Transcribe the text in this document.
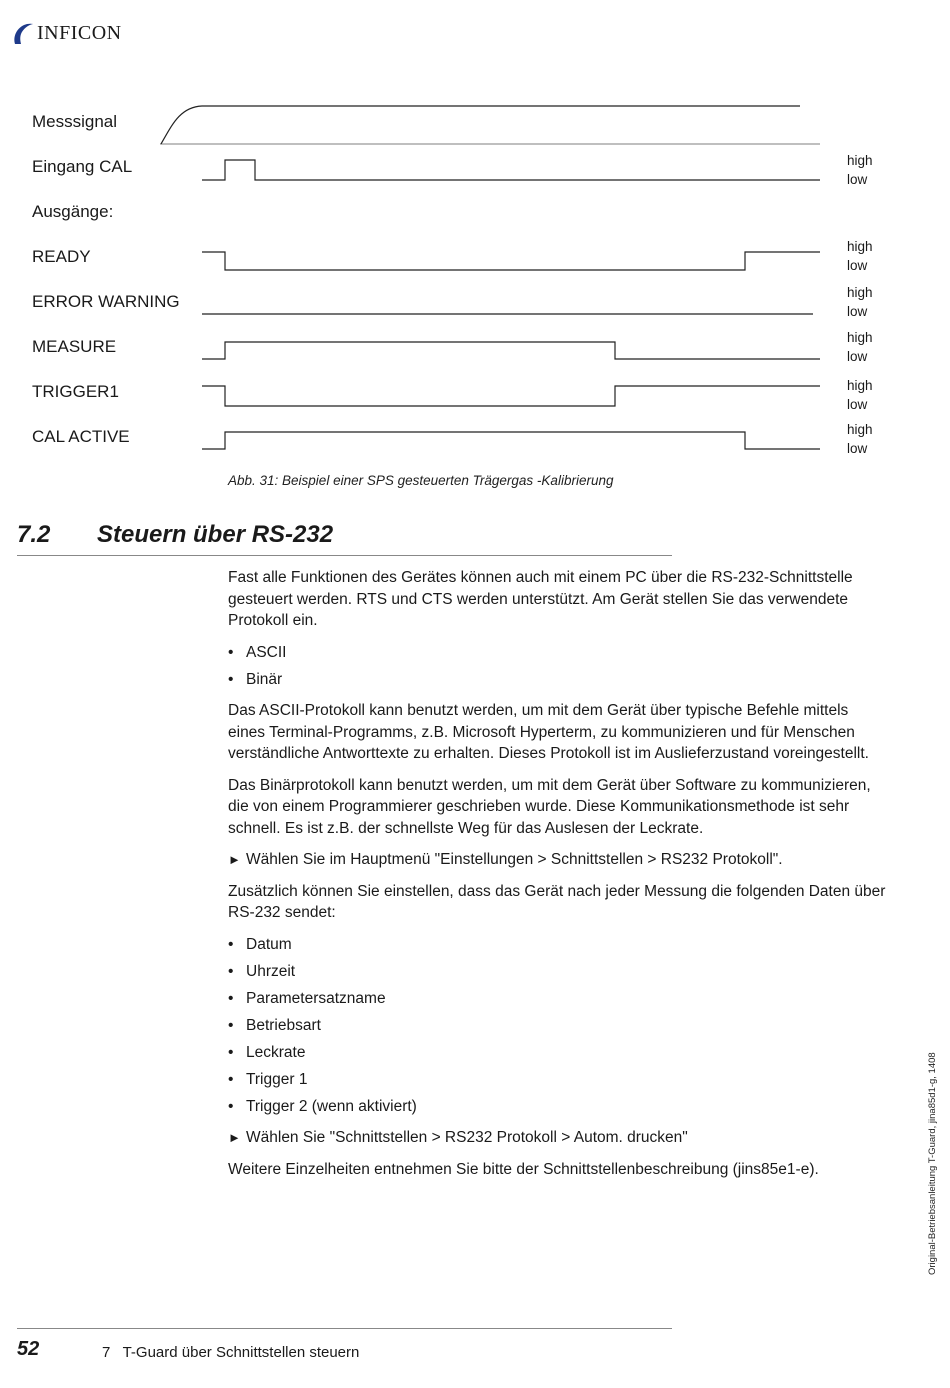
INFICON
Messsignal
Eingang CAL
Ausgänge:
READY
ERROR WARNING
MEASURE
TRIGGER1
CAL ACTIVE
high
low
high
low
high
low
high
low
high
low
high
low
Abb. 31: Beispiel einer SPS gesteuerten Trägergas -Kalibrierung
7.2 Steuern über RS-232

Fast alle Funktionen des Gerätes können auch mit einem PC über die RS-232-Schnittstelle gesteuert werden. RTS und CTS werden unterstützt. Am Gerät stellen Sie das verwendete Protokoll ein.

• ASCII
• Binär

Das ASCII-Protokoll kann benutzt werden, um mit dem Gerät über typische Befehle mittels eines Terminal-Programms, z.B. Microsoft Hyperterm, zu kommunizieren und für Menschen verständliche Antworttexte zu erhalten. Dieses Protokoll ist im Auslieferzustand voreingestellt.

Das Binärprotokoll kann benutzt werden, um mit dem Gerät über Software zu kommunizieren, die von einem Programmierer geschrieben wurde. Diese Kommunikationsmethode ist sehr schnell. Es ist z.B. der schnellste Weg für das Auslesen der Leckrate.

► Wählen Sie im Hauptmenü "Einstellungen > Schnittstellen > RS232 Protokoll".

Zusätzlich können Sie einstellen, dass das Gerät nach jeder Messung die folgenden Daten über RS-232 sendet:

• Datum
• Uhrzeit
• Parametersatzname
• Betriebsart
• Leckrate
• Trigger 1
• Trigger 2 (wenn aktiviert)
► Wählen Sie "Schnittstellen > RS232 Protokoll > Autom. drucken"

Weitere Einzelheiten entnehmen Sie bitte der Schnittstellenbeschreibung (jins85e1-e).	Original-Betriebsanleitung T-Guard, jina85d1-g, 1408
52	7   T-Guard über Schnittstellen steuern
